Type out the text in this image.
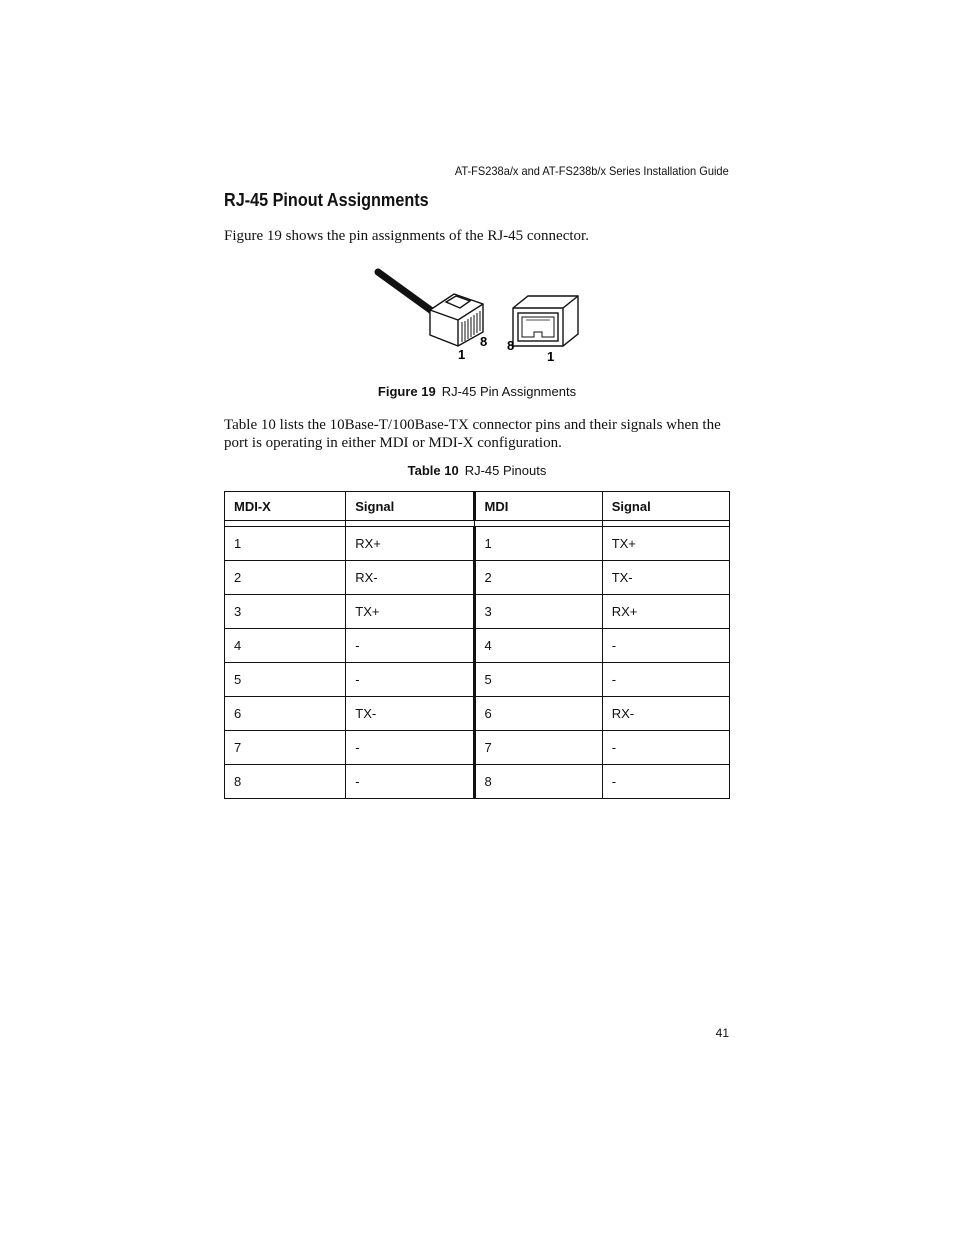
AT-FS238a/x and AT-FS238b/x Series Installation Guide
RJ-45 Pinout Assignments

Figure 19 shows the pin assignments of the RJ-45 connector.

1
8 8
1
Figure 19 RJ-45 Pin Assignments

Table 10 lists the 10Base-T/100Base-TX connector pins and their signals when the port is operating in either MDI or MDI-X configuration.

Table 10 RJ-45 Pinouts
MDI-X	Signal	MDI	Signal

1	RX+	1	TX+
2	RX-	2	TX-
3	TX+	3	RX+
4	-	4	-
5	-	5	-
6	TX-	6	RX-
7	-	7	-
8	-	8	-
41
